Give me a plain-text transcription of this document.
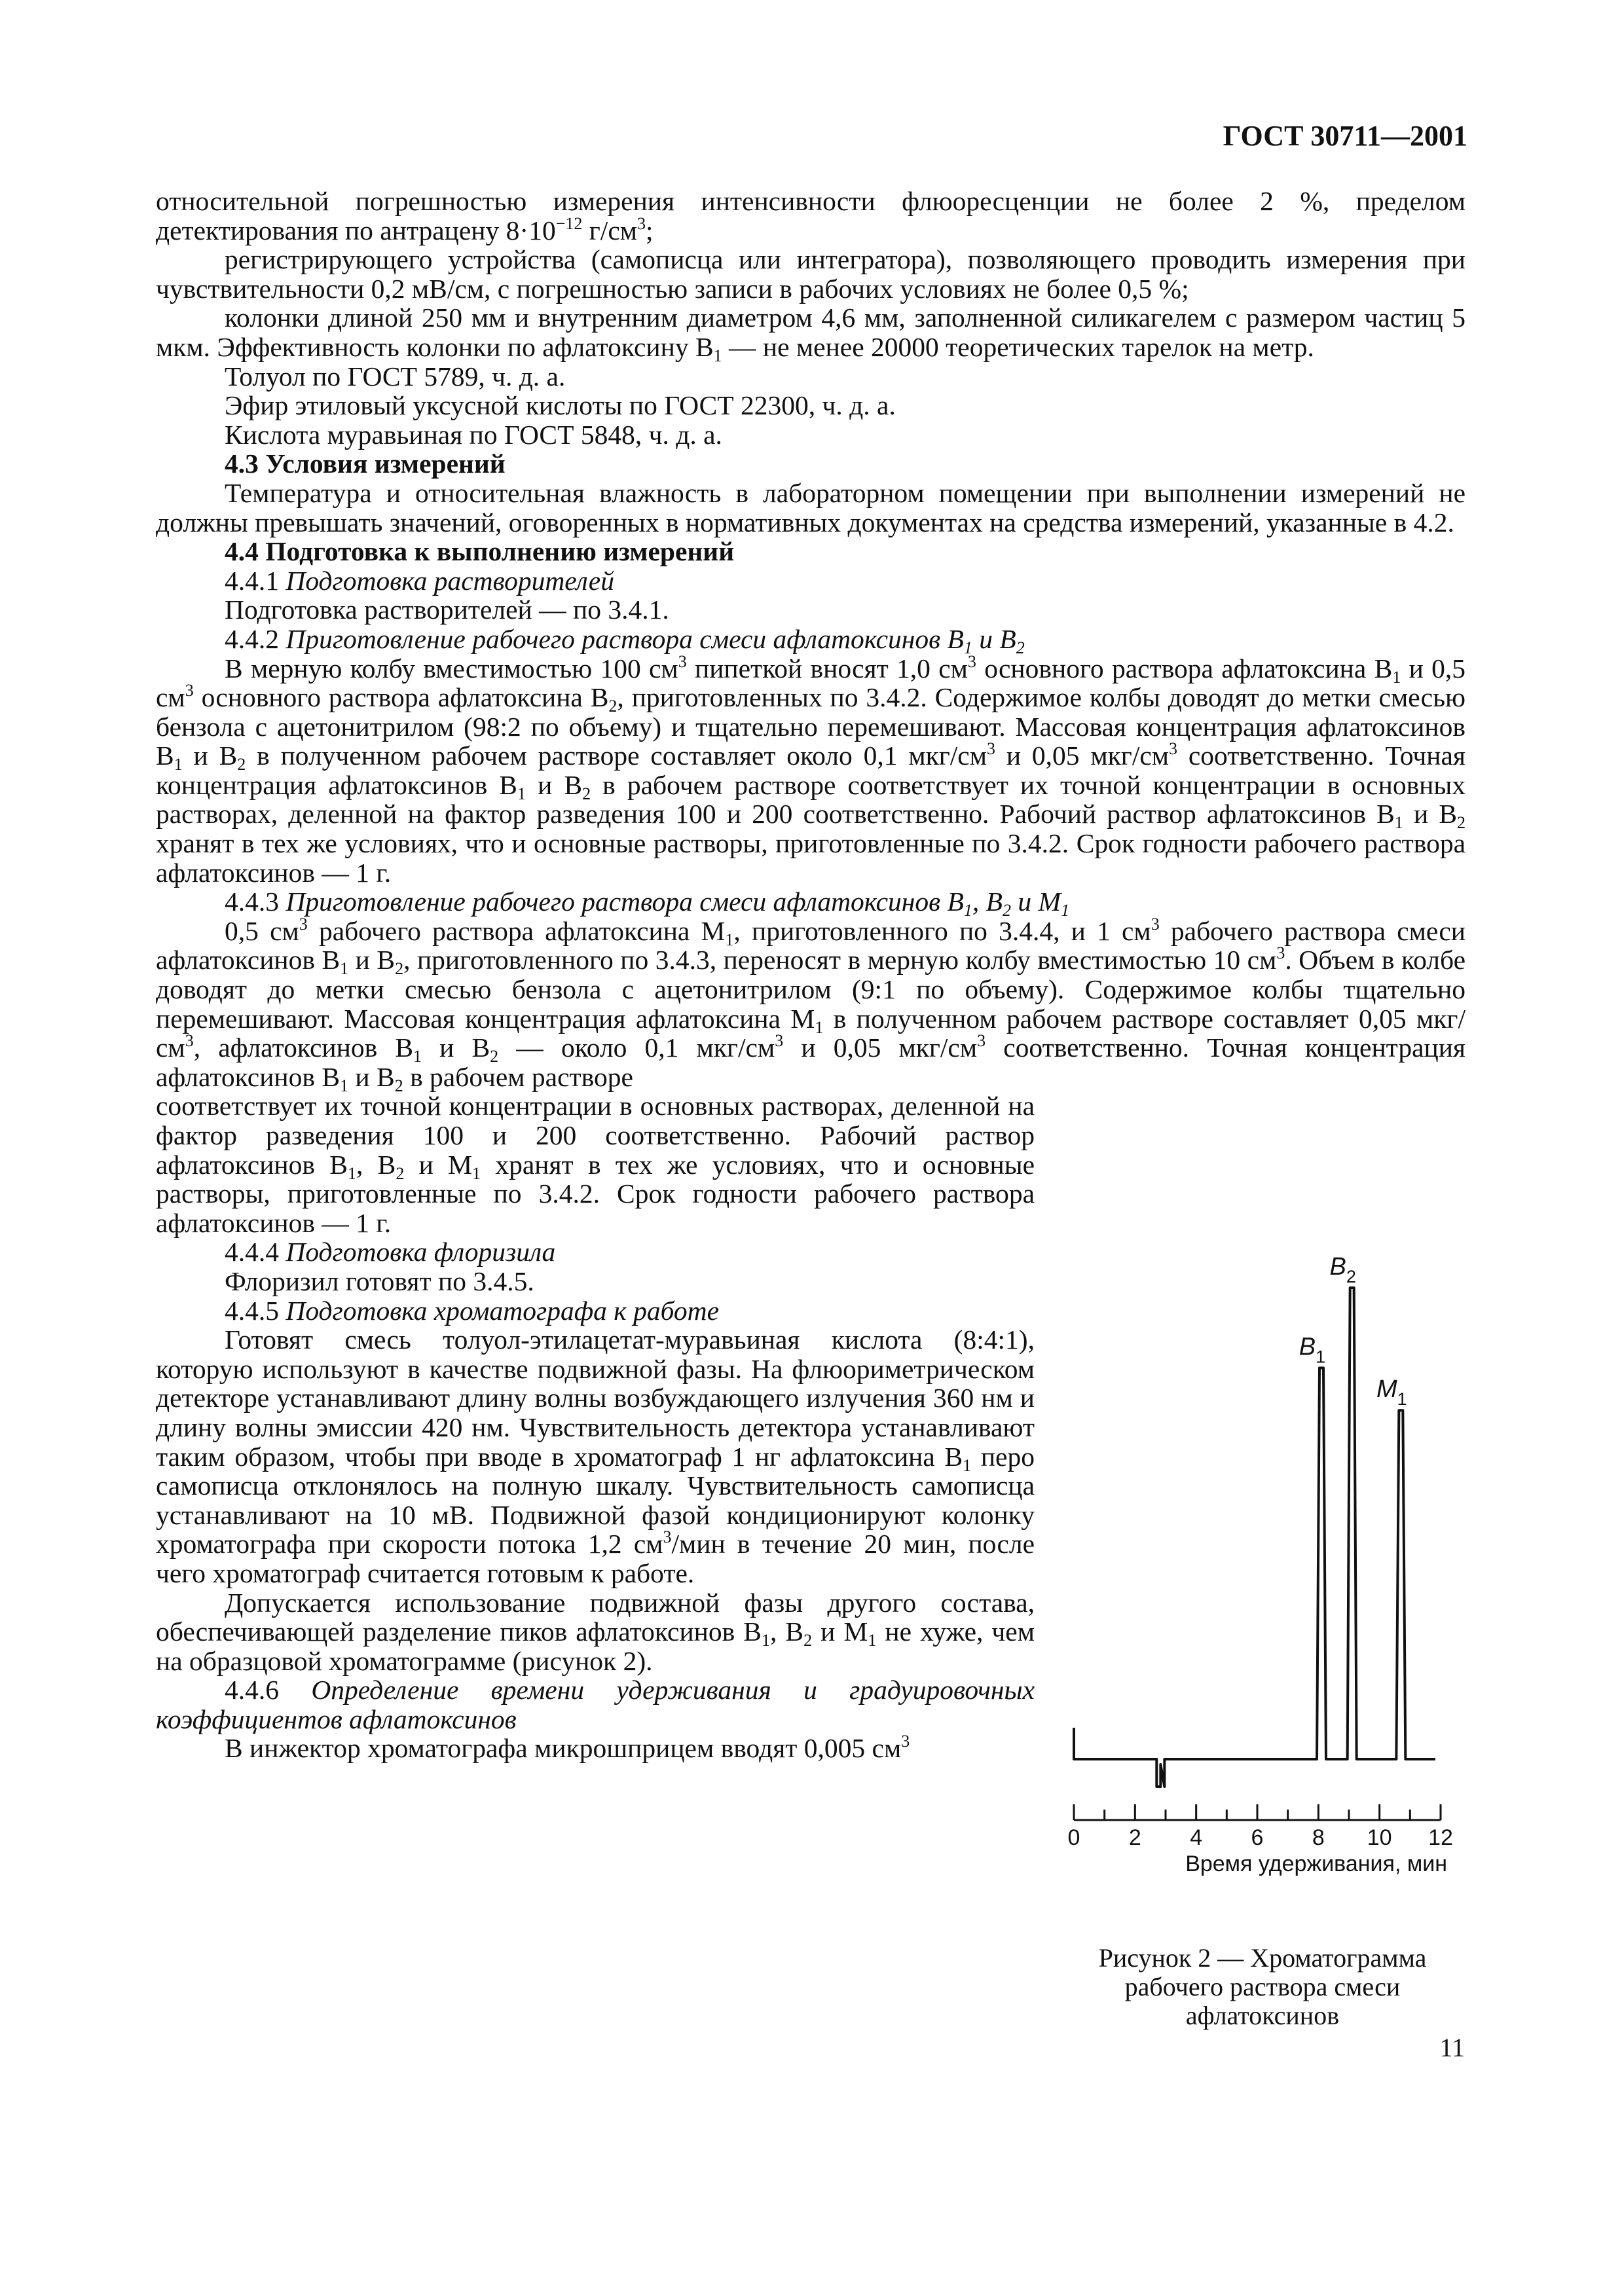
ГОСТ 30711—2001

относительной погрешностью измерения интенсивности флюоресценции не более 2 %, пределом детектирования по антрацену $8\cdot 10^{-12}$ $г/см^3$;

регистрирующего устройства (самописца или интегратора), позволяющего проводить измерения при чувствительности 0,2 мВ/см, с погрешностью записи в рабочих условиях не более 0,5 %;

колонки длиной 250 мм и внутренним диаметром 4,6 мм, заполненной силикагелем с размером частиц 5 мкм. Эффективность колонки по афлатоксину $B_1$ — не менее 20000 теоретических тарелок на метр.

Толуол по ГОСТ 5789, ч. д. а.

Эфир этиловый уксусной кислоты по ГОСТ 22300, ч. д. а.

Кислота муравьиная по ГОСТ 5848, ч. д. а.

4.3 Условия измерений

Температура и относительная влажность в лабораторном помещении при выполнении измерений не должны превышать значений, оговоренных в нормативных документах на средства измерений, указанные в 4.2.

4.4 Подготовка к выполнению измерений

4.4.1 Подготовка растворителей

Подготовка растворителей — по 3.4.1.

4.4.2 Приготовление рабочего раствора смеси афлатоксинов $B_1$ и $B_2$

В мерную колбу вместимостью 100 $см^3$ пипеткой вносят 1,0 $см^3$ основного раствора афлатоксина $B_1$ и 0,5 $см^3$ основного раствора афлатоксина $B_2$, приготовленных по 3.4.2. Содержимое колбы доводят до метки смесью бензола с ацетонитрилом (98:2 по объему) и тщательно перемешивают. Массовая концентрация афлатоксинов $B_1$ и $B_2$ в полученном рабочем растворе составляет около 0,1 мкг/$см^3$ и 0,05 мкг/$см^3$ соответственно. Точная концентрация афлатоксинов $B_1$ и $B_2$ в рабочем растворе соответствует их точной концентрации в основных растворах, деленной на фактор разведения 100 и 200 соответственно. Рабочий раствор афлатоксинов $B_1$ и $B_2$ хранят в тех же условиях, что и основные растворы, приготовленные по 3.4.2. Срок годности рабочего раствора афлатоксинов — 1 г.

4.4.3 Приготовление рабочего раствора смеси афлатоксинов $B_1$, $B_2$ и $M_1$

0,5 $см^3$ рабочего раствора афлатоксина $M_1$, приготовленного по 3.4.4, и 1 $см^3$ рабочего раствора смеси афлатоксинов $B_1$ и $B_2$, приготовленного по 3.4.3, переносят в мерную колбу вместимостью 10 $см^3$. Объем в колбе доводят до метки смесью бензола с ацетонитрилом (9:1 по объему). Содержимое колбы тщательно перемешивают. Массовая концентрация афлатоксина $M_1$ в полученном рабочем растворе составляет 0,05 мкг/$см^3$, афлатоксинов $B_1$ и $B_2$ — около 0,1 мкг/$см^3$ и 0,05 мкг/$см^3$ соответственно. Точная концентрация афлатоксинов $B_1$ и $B_2$ в рабочем растворе

соответствует их точной концентрации в основных растворах, деленной на фактор разведения 100 и 200 соответственно. Рабочий раствор афлатоксинов $B_1$, $B_2$ и $M_1$ хранят в тех же условиях, что и основные растворы, приготовленные по 3.4.2. Срок годности рабочего раствора афлатоксинов — 1 г.

4.4.4 Подготовка флоризила

Флоризил готовят по 3.4.5.

4.4.5 Подготовка хроматографа к работе

Готовят смесь толуол-этилацетат-муравьиная кислота (8:4:1), которую используют в качестве подвижной фазы. На флюориметрическом детекторе устанавливают длину волны возбуждающего излучения 360 нм и длину волны эмиссии 420 нм. Чувствительность детектора устанавливают таким образом, чтобы при вводе в хроматограф 1 нг афлатоксина $B_1$ перо самописца отклонялось на полную шкалу. Чувствительность самописца устанавливают на 10 мВ. Подвижной фазой кондиционируют колонку хроматографа при скорости потока 1,2 $см^3$/мин в течение 20 мин, после чего хроматограф считается готовым к работе.

Допускается использование подвижной фазы другого состава, обеспечивающей разделение пиков афлатоксинов $B_1$, $B_2$ и $M_1$ не хуже, чем на образцовой хроматограмме (рисунок 2).

4.4.6 Определение времени удерживания и градуировочных коэффициентов афлатоксинов

В инжектор хроматографа микрошприцем вводят 0,005 $см^3$

$B_1$
$B_2$
$M_1$
0 2 4 6 8 10 12
Время удерживания, мин
Рисунок 2 — Хроматограмма рабочего раствора смеси афлатоксинов
11
